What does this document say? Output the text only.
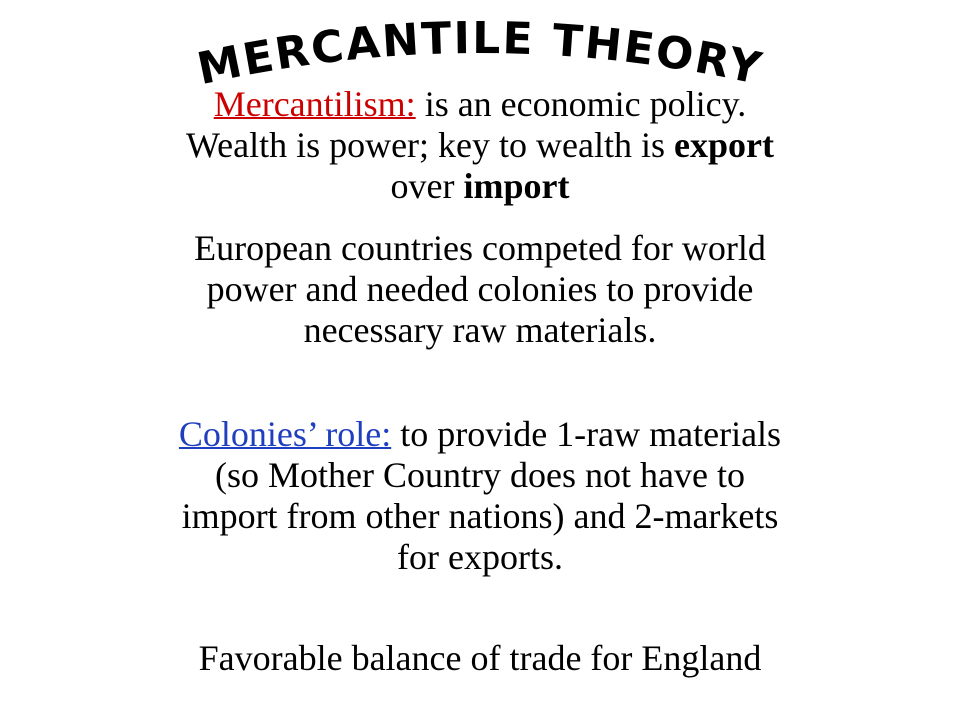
MERCANTILE THEORY

Mercantilism: is an economic policy. Wealth is power; key to wealth is export over import

European countries competed for world power and needed colonies to provide necessary raw materials.

Colonies’ role: to provide 1-raw materials (so Mother Country does not have to import from other nations) and 2-markets for exports.

Favorable balance of trade for England
